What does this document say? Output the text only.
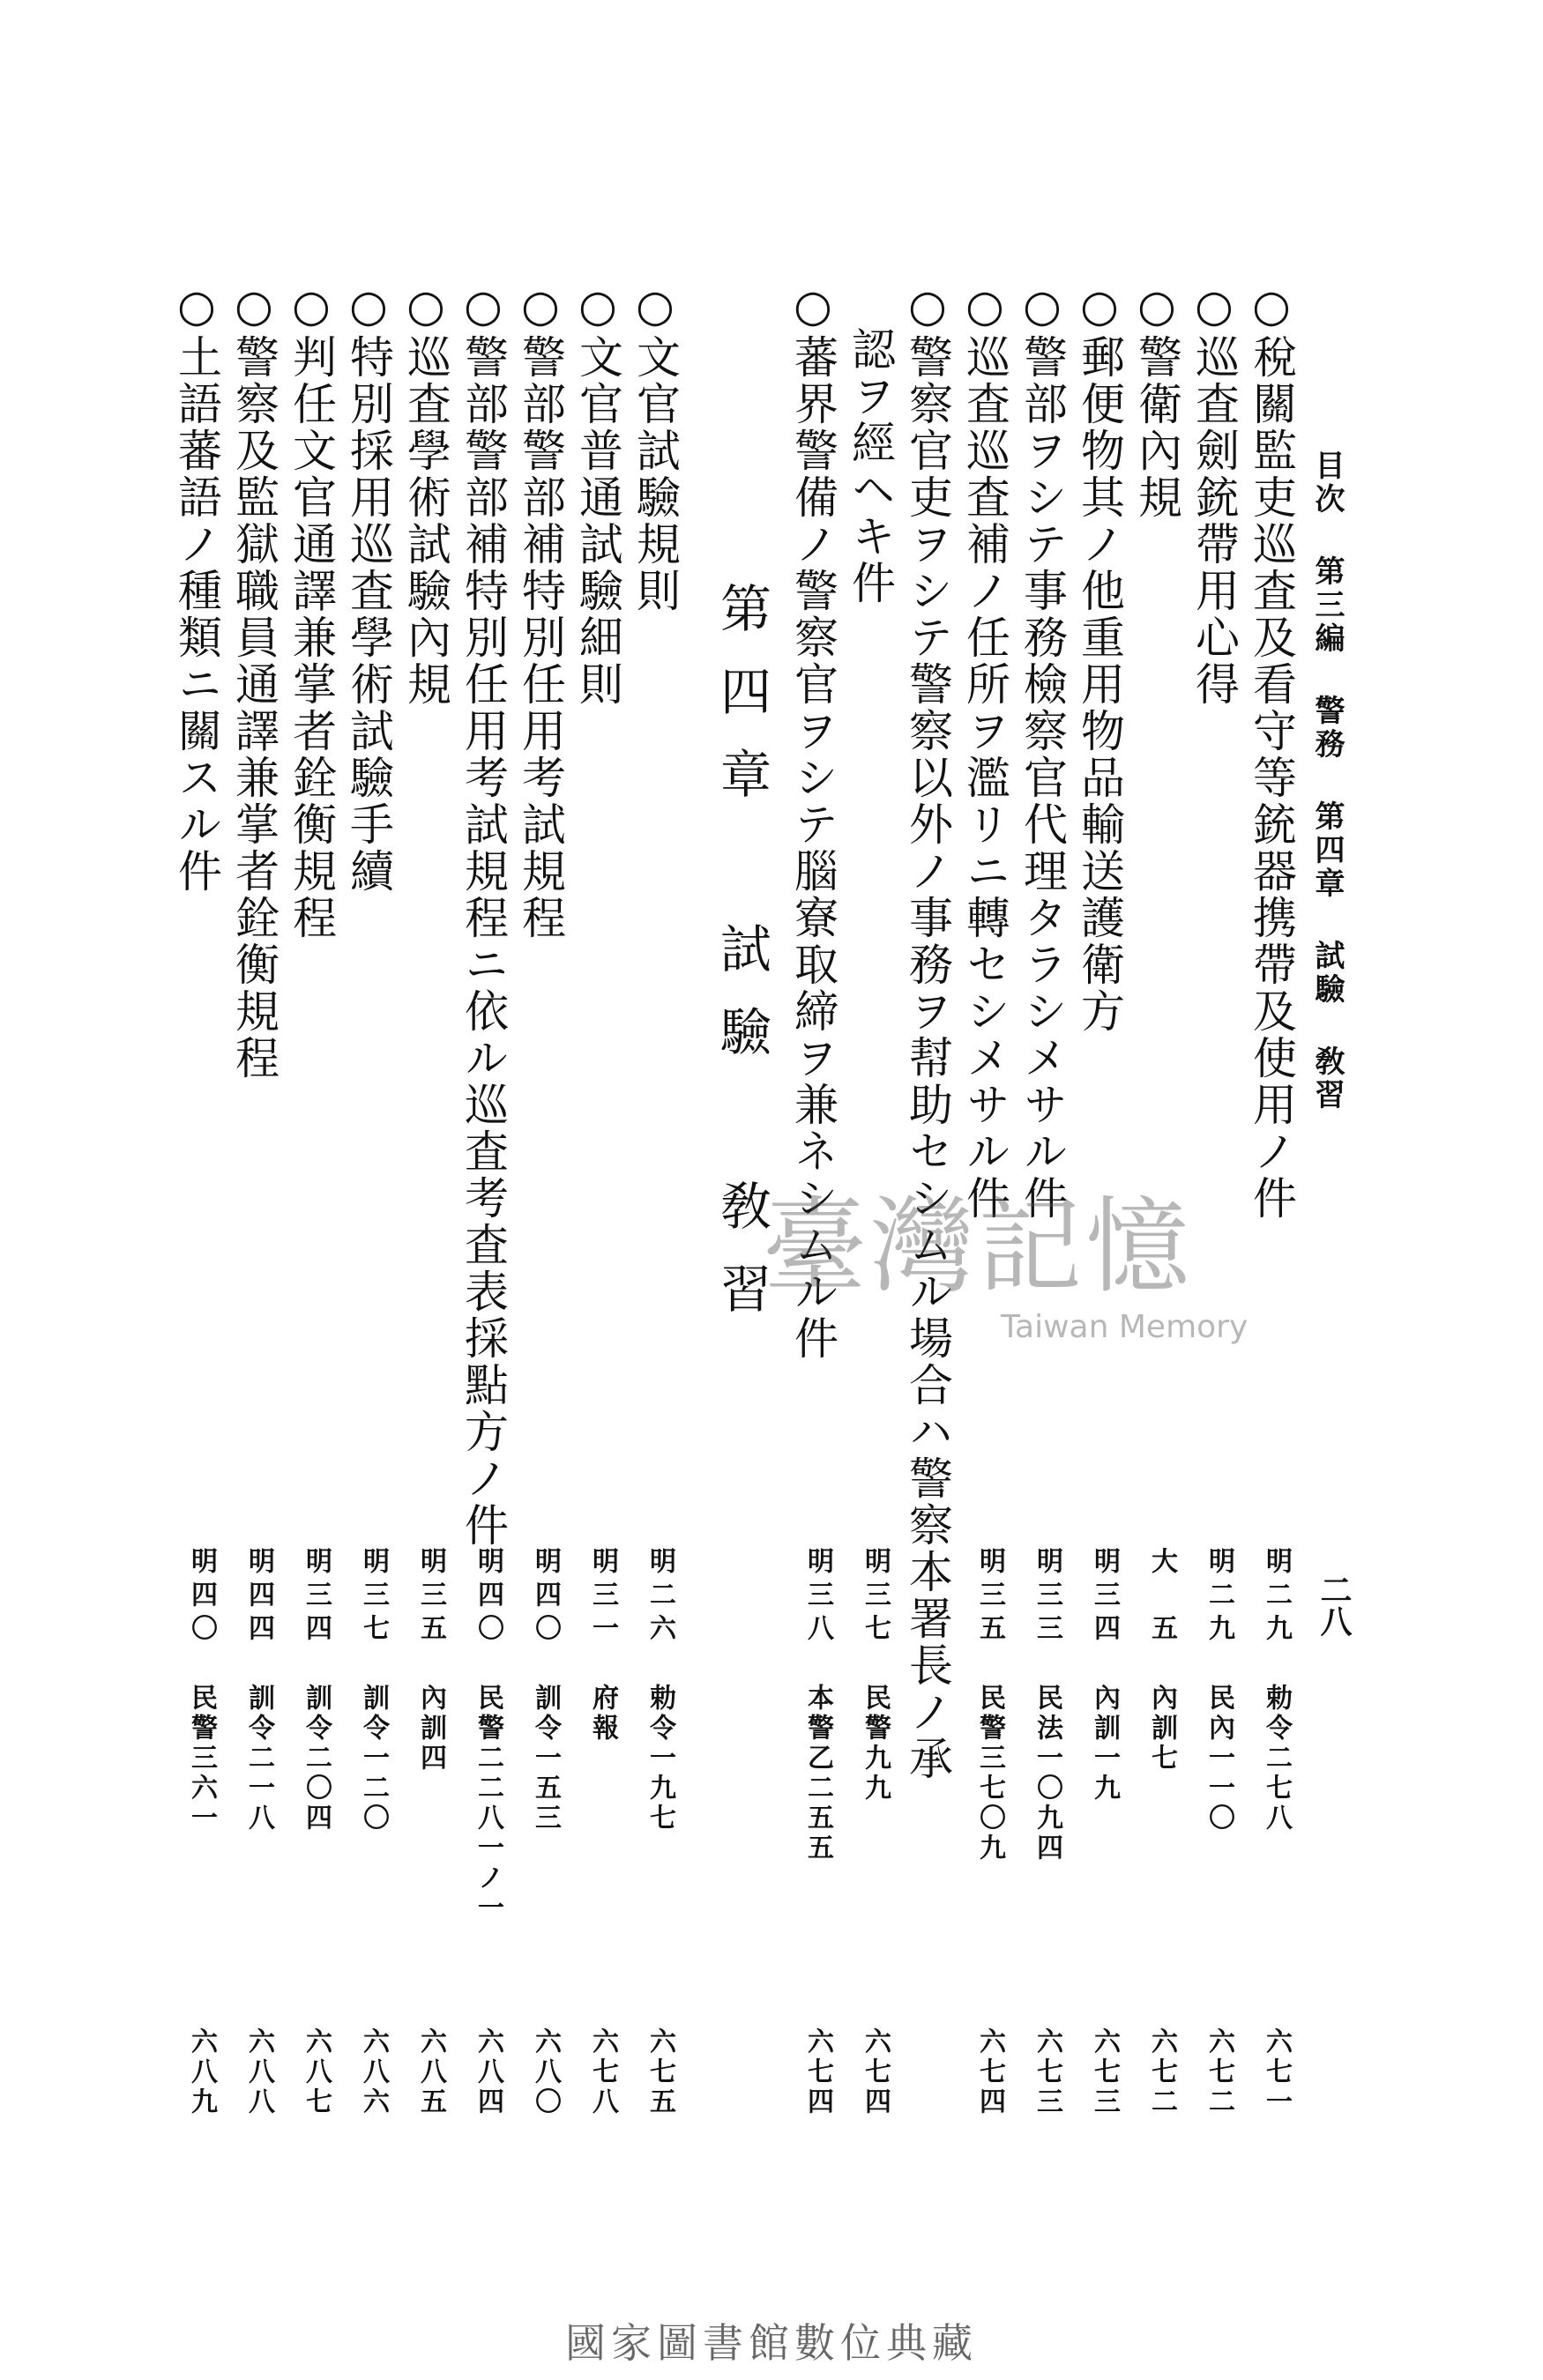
目次 第三編 警務 第四章 試驗 敎習
二八
○稅關監吏巡査及看守等銃器携帶及使用ノ件
○巡査劍銃帶用心得
○警衛內規
○郵便物其ノ他重用物品輸送護衛方
○警部ヲシテ事務檢察官代理タラシメサル件
○巡査巡査補ノ任所ヲ濫リニ轉セシメサル件
○警察官吏ヲシテ警察以外ノ事務ヲ幇助セシムル場合ハ警察本署長ノ承
認ヲ經ヘキ件
○蕃界警備ノ警察官ヲシテ腦寮取締ヲ兼ネシムル件
第四章 試驗 敎習
○文官試驗規則
○文官普通試驗細則
○警部警部補特別任用考試規程
○警部警部補特別任用考試規程ニ依ル巡査考査表採點方ノ件
○巡査學術試驗內規
○特別採用巡査學術試驗手續
○判任文官通譯兼掌者銓衡規程
○警察及監獄職員通譯兼掌者銓衡規程
○土語蕃語ノ種類ニ關スル件
明二九
明二九
大　五
明三四
明三三
明三五
明三七
明三八
明二六
明三一
明四〇
明四〇
明三五
明三七
明三四
明四四
明四〇
勅令二七八
民內一一〇
內訓七
內訓一九
民法一〇九四
民警三七〇九
民警九九
本警乙二五五
勅令一九七
府報
訓令一五三
民警二二八一ノ一
內訓四
訓令一二〇
訓令二〇四
訓令二一八
民警三六一
六七一
六七二
六七二
六七三
六七三
六七四
六七四
六七四
六七五
六七八
六八〇
六八四
六八五
六八六
六八七
六八八
六八九
臺灣記憶
Taiwan Memory
國家圖書館數位典藏
